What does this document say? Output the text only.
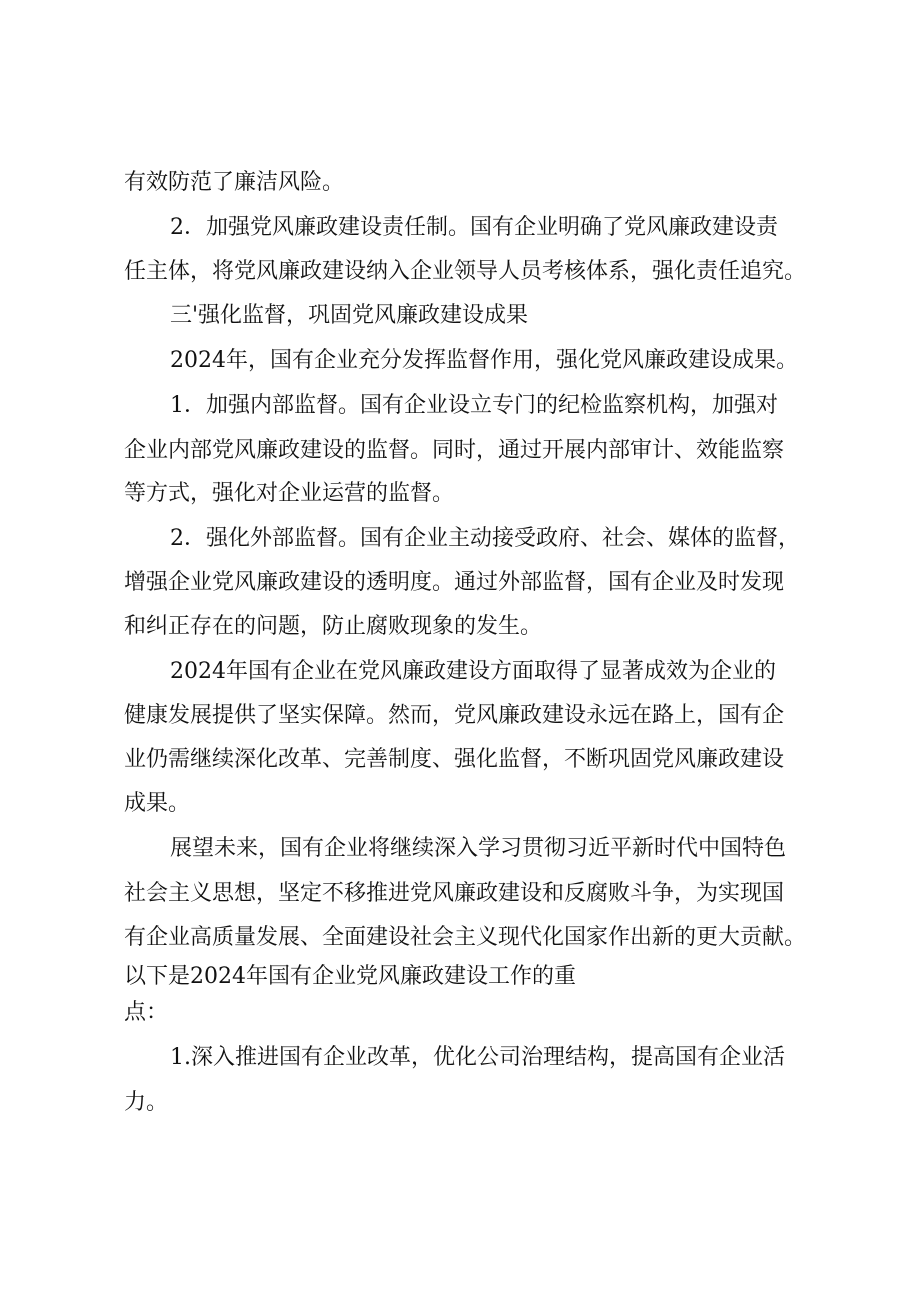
有效防范了廉洁风险。
2．加强党风廉政建设责任制。国有企业明确了党风廉政建设责
任主体，将党风廉政建设纳入企业领导人员考核体系，强化责任追究。
三'强化监督，巩固党风廉政建设成果
2024年，国有企业充分发挥监督作用，强化党风廉政建设成果。
1．加强内部监督。国有企业设立专门的纪检监察机构，加强对
企业内部党风廉政建设的监督。同时，通过开展内部审计、效能监察
等方式，强化对企业运营的监督。
2．强化外部监督。国有企业主动接受政府、社会、媒体的监督，
增强企业党风廉政建设的透明度。通过外部监督，国有企业及时发现
和纠正存在的问题，防止腐败现象的发生。
2024年国有企业在党风廉政建设方面取得了显著成效为企业的
健康发展提供了坚实保障。然而，党风廉政建设永远在路上，国有企
业仍需继续深化改革、完善制度、强化监督，不断巩固党风廉政建设
成果。
展望未来，国有企业将继续深入学习贯彻习近平新时代中国特色
社会主义思想，坚定不移推进党风廉政建设和反腐败斗争，为实现国
有企业高质量发展、全面建设社会主义现代化国家作出新的更大贡献。
以下是2024年国有企业党风廉政建设工作的重
点：
1.深入推进国有企业改革，优化公司治理结构，提高国有企业活
力。
